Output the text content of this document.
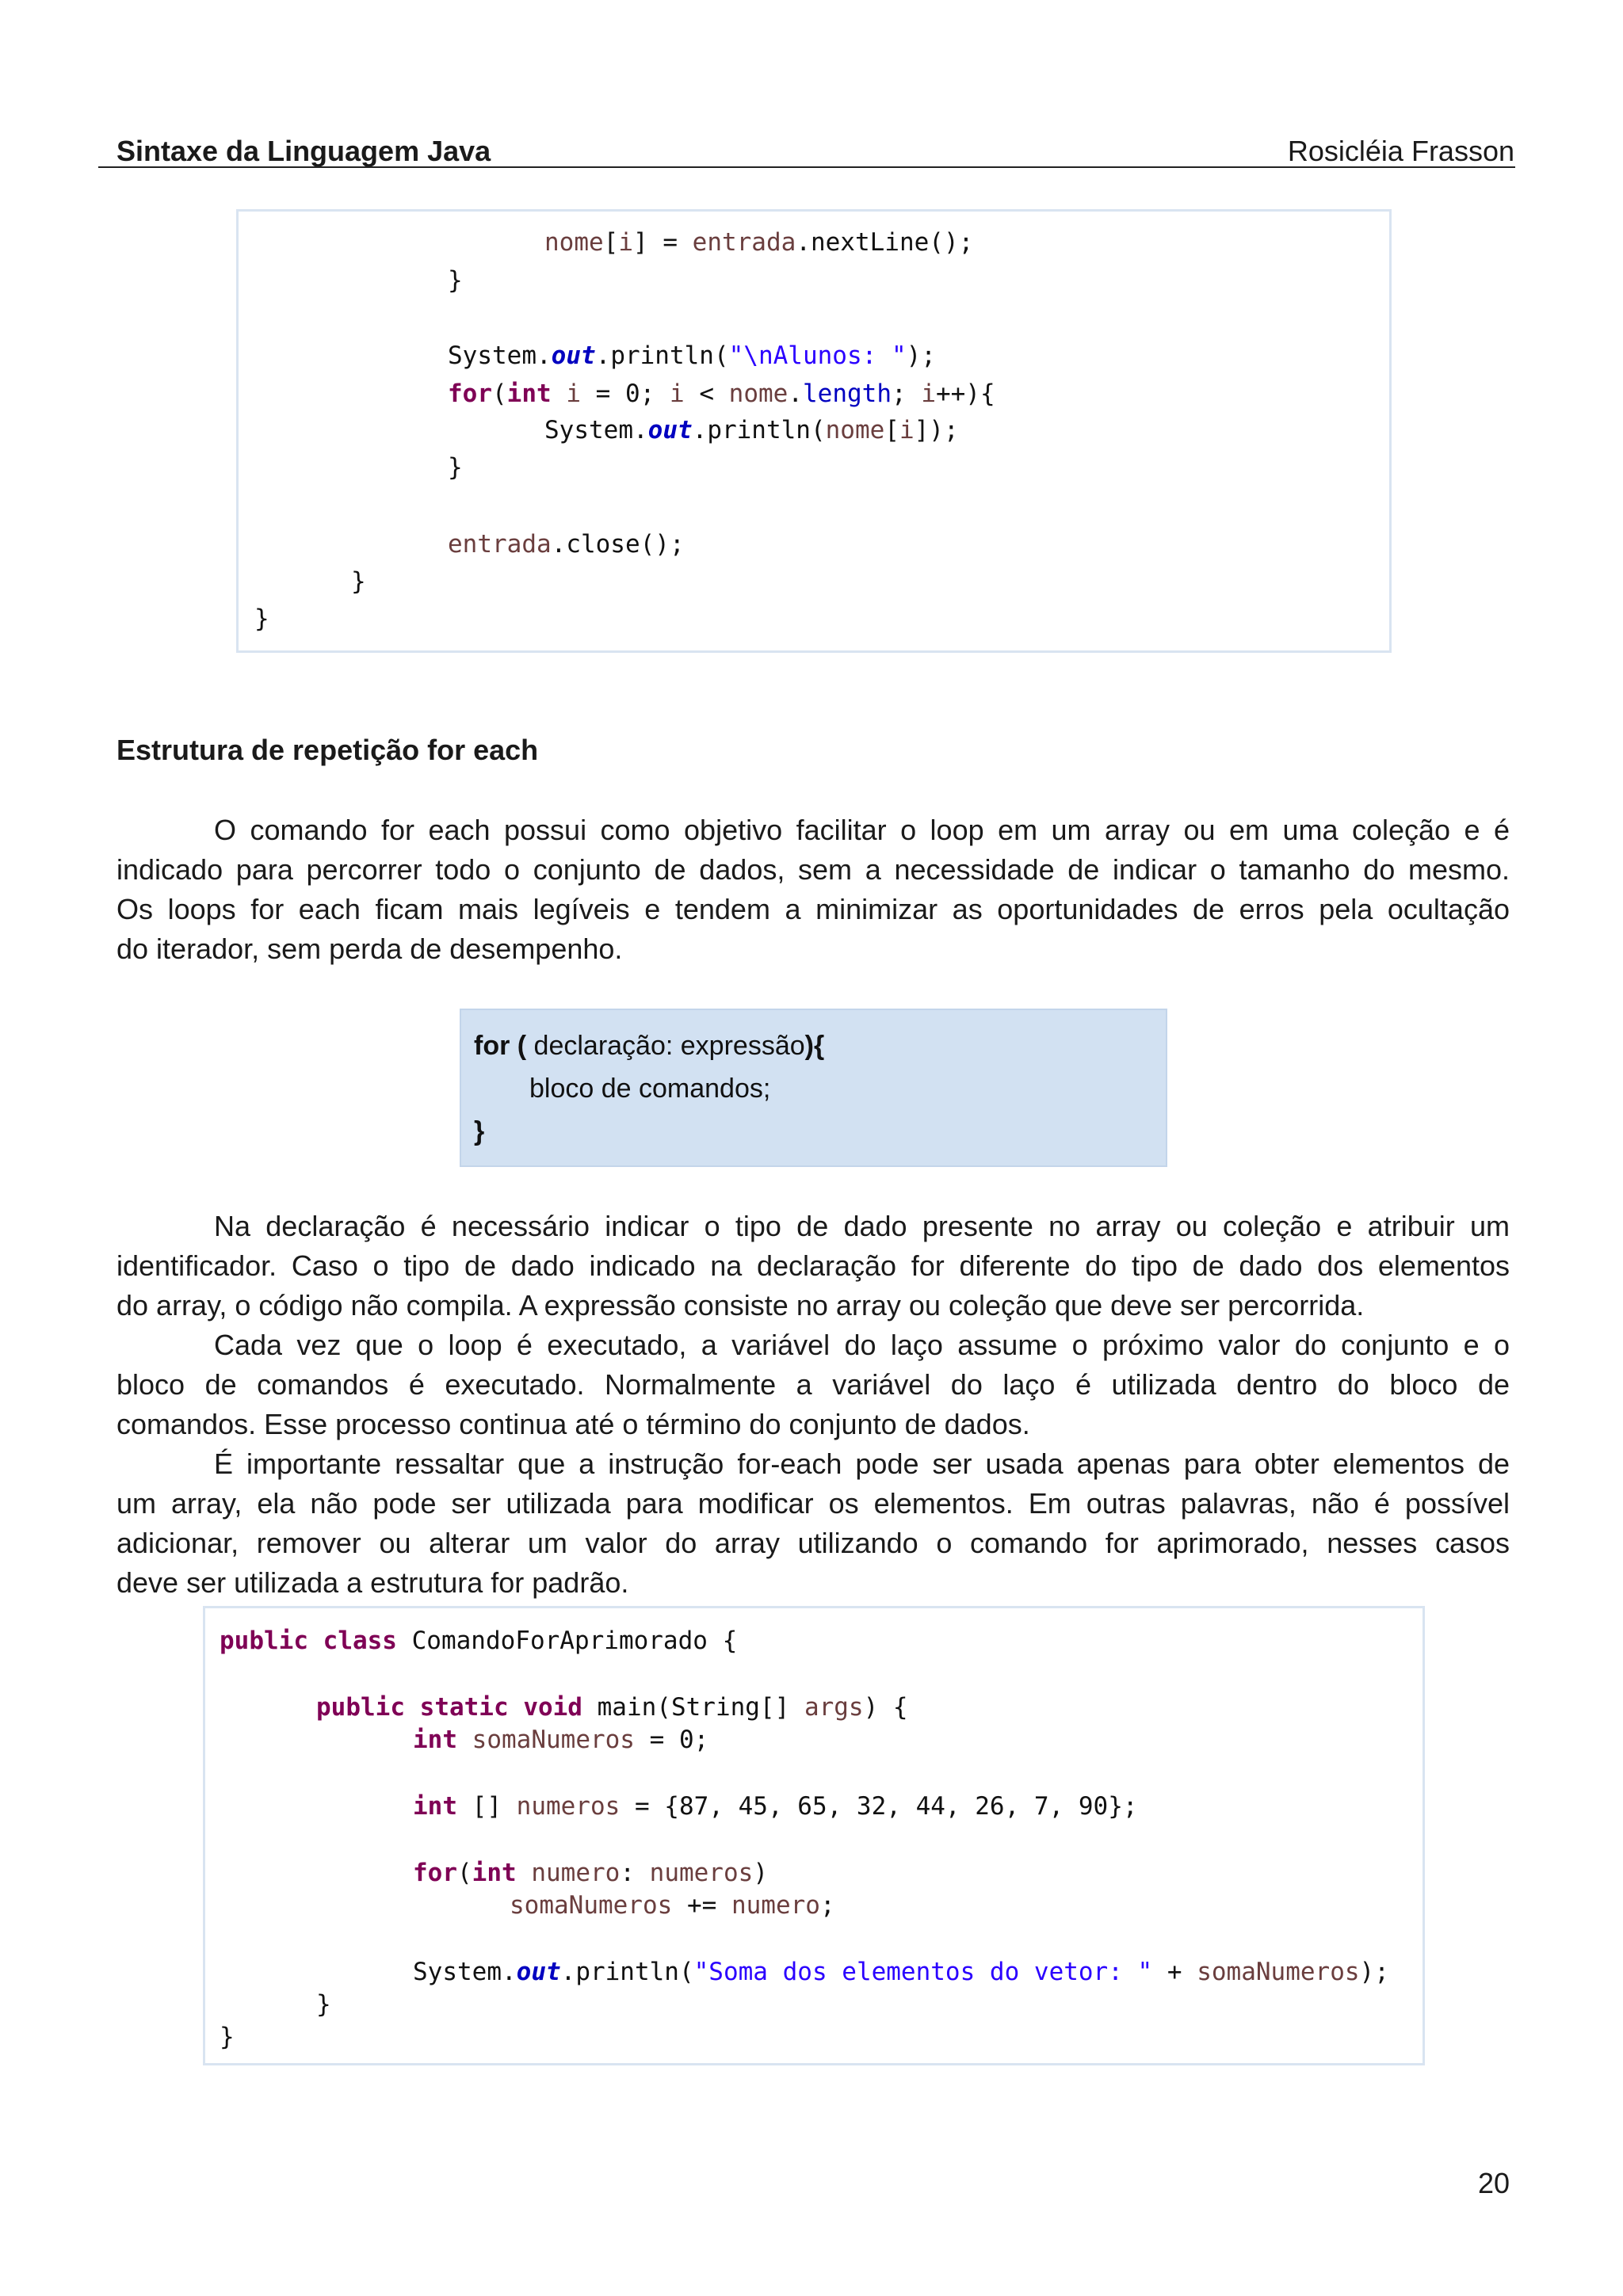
Sintaxe da Linguagem Java	Rosicléia Frasson
nome[i] = entrada.nextLine();
}
System.out.println("\nAlunos: ");
for(int i = 0; i < nome.length; i++){
System.out.println(nome[i]);
}
entrada.close();
}
}
Estrutura de repetição for each
O comando for each possui como objetivo facilitar o loop em um array ou em uma coleção e é
indicado para percorrer todo o conjunto de dados, sem a necessidade de indicar o tamanho do mesmo.
Os loops for each ficam mais legíveis e tendem a minimizar as oportunidades de erros pela ocultação
do iterador, sem perda de desempenho.
for ( declaração: expressão){
bloco de comandos;
}
Na declaração é necessário indicar o tipo de dado presente no array ou coleção e atribuir um
identificador. Caso o tipo de dado indicado na declaração for diferente do tipo de dado dos elementos
do array, o código não compila. A expressão consiste no array ou coleção que deve ser percorrida.
Cada vez que o loop é executado, a variável do laço assume o próximo valor do conjunto e o
bloco de comandos é executado. Normalmente a variável do laço é utilizada dentro do bloco de
comandos. Esse processo continua até o término do conjunto de dados.
É importante ressaltar que a instrução for-each pode ser usada apenas para obter elementos de
um array, ela não pode ser utilizada para modificar os elementos. Em outras palavras, não é possível
adicionar, remover ou alterar um valor do array utilizando o comando for aprimorado, nesses casos
deve ser utilizada a estrutura for padrão.
public class ComandoForAprimorado {
public static void main(String[] args) {
int somaNumeros = 0;
int [] numeros = {87, 45, 65, 32, 44, 26, 7, 90};
for(int numero: numeros)
somaNumeros += numero;
System.out.println("Soma dos elementos do vetor: " + somaNumeros);
}
}
20
